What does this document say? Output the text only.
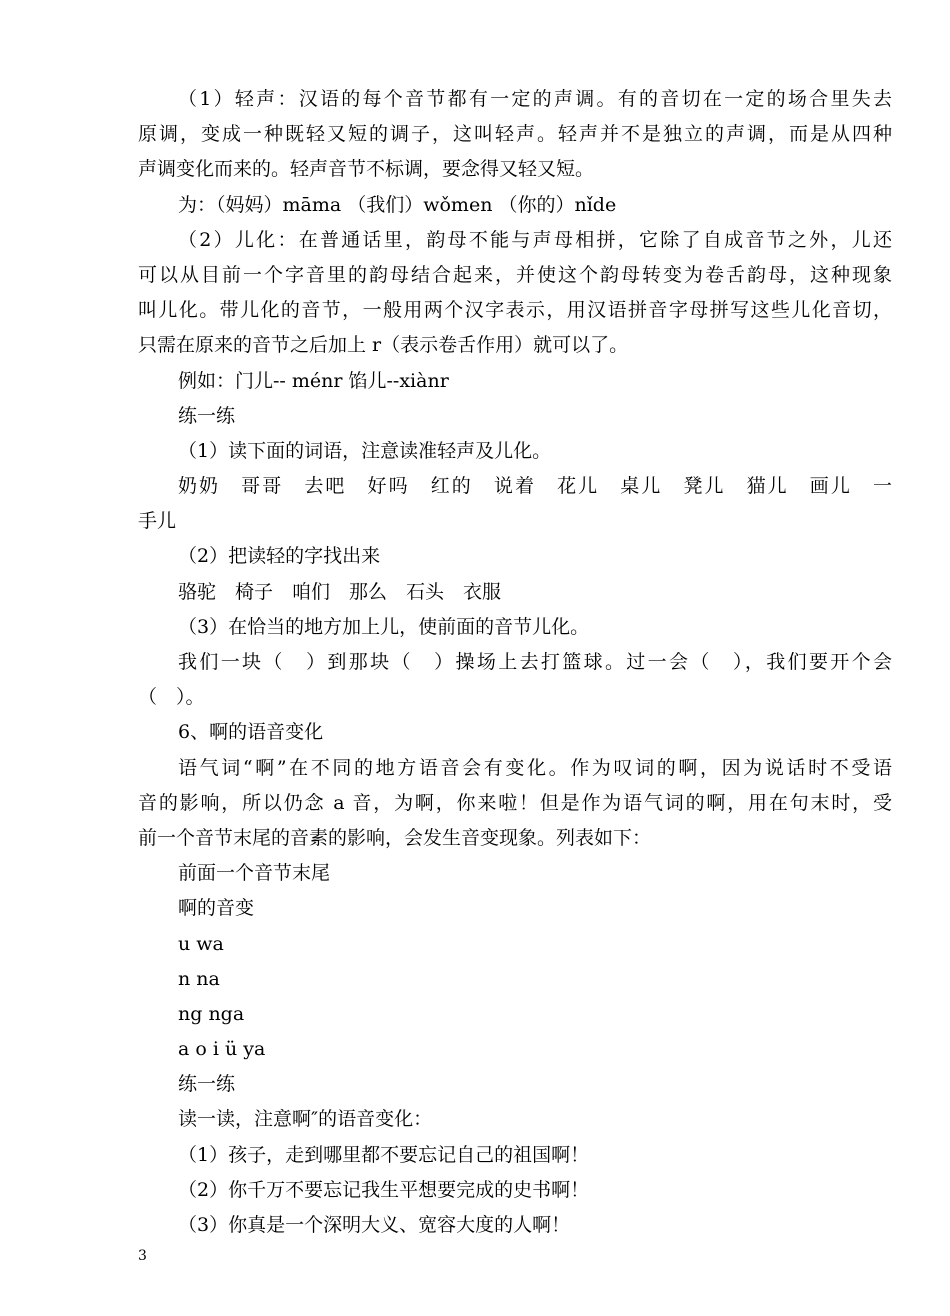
（1）轻声：汉语的每个音节都有一定的声调。有的音切在一定的场合里失去
原调，变成一种既轻又短的调子，这叫轻声。轻声并不是独立的声调，而是从四种
声调变化而来的。轻声音节不标调，要念得又轻又短。
为：（妈妈）māma （我们）wǒmen （你的）nǐde
（2）儿化：在普通话里，韵母不能与声母相拼，它除了自成音节之外，儿还
可以从目前一个字音里的韵母结合起来，并使这个韵母转变为卷舌韵母，这种现象
叫儿化。带儿化的音节，一般用两个汉字表示，用汉语拼音字母拼写这些儿化音切，
只需在原来的音节之后加上 r（表示卷舌作用）就可以了。
例如：门儿-- ménr 馅儿--xiànr
练一练
（1）读下面的词语，注意读准轻声及儿化。
奶奶　哥哥　去吧　好吗　红的　说着　花儿　桌儿　凳儿　猫儿　画儿　一
手儿
（2）把读轻的字找出来
骆驼　椅子　咱们　那么　石头　衣服
（3）在恰当的地方加上儿，使前面的音节儿化。
我们一块（　）到那块（　）操场上去打篮球。过一会（　），我们要开个会
（　）。
6、啊的语音变化
语气词“啊”在不同的地方语音会有变化。作为叹词的啊，因为说话时不受语
音的影响，所以仍念 a 音，为啊，你来啦！但是作为语气词的啊，用在句末时，受
前一个音节末尾的音素的影响，会发生音变现象。列表如下：
前面一个音节末尾
啊的音变
u wa
n na
ng nga
a o i ü ya
练一练
读一读，注意啊″的语音变化：
（1）孩子，走到哪里都不要忘记自己的祖国啊！
（2）你千万不要忘记我生平想要完成的史书啊！
（3）你真是一个深明大义、宽容大度的人啊！
3
